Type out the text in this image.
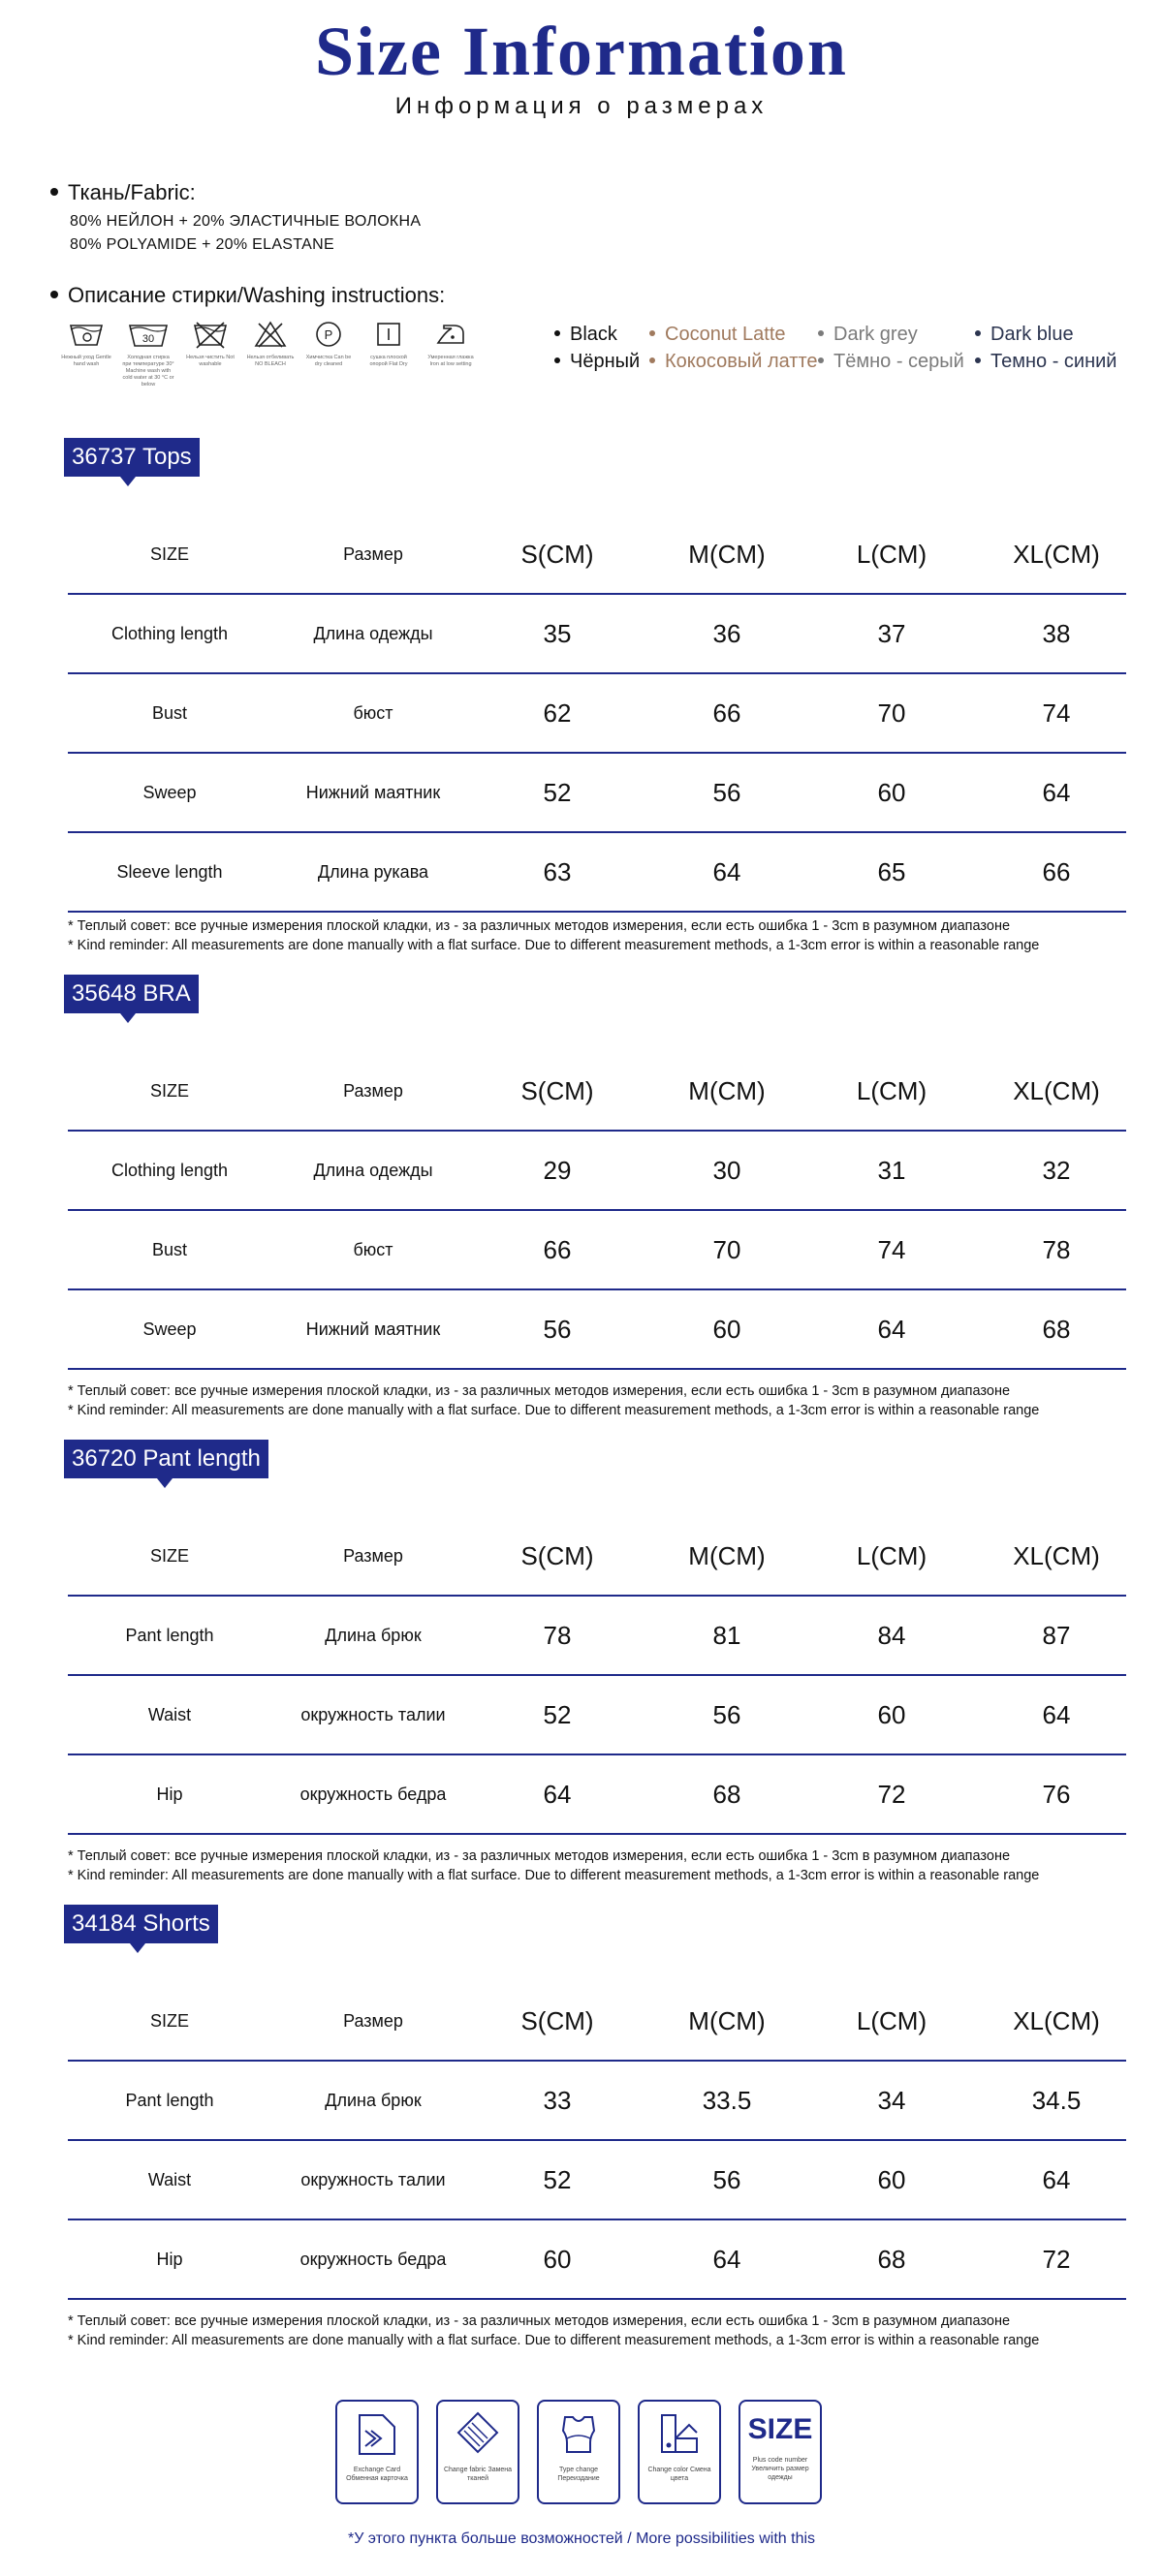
Size Information
Информация о размерах
Ткань/Fabric:
80% НЕЙЛОН + 20% ЭЛАСТИЧНЫЕ ВОЛОКНА
80% POLYAMIDE + 20% ELASTANE
Описание стирки/Washing instructions:
Нежный уход Gentle hand wash
30
Холодная стирка при температуре 30° Machine wash with cold water at 30 °C or below
Нельзя чистить Not washable
Нельзя отбеливать NO BLEACH
P
Химчистка Can be dry cleaned
сушка плоской опорой Flat Dry
Умеренная глажка Iron at low setting
Black
Чёрный
Coconut Latte
Кокосовый латте
Dark grey
Тёмно - серый
Dark blue
Темно - синий
36737 Tops
SIZE	Размер	S(CM)	M(CM)	L(CM)	XL(CM)
Clothing length	Длина одежды	35	36	37	38
Bust	бюст	62	66	70	74
Sweep	Нижний маятник	52	56	60	64
Sleeve length	Длина рукава	63	64	65	66
* Теплый совет: все ручные измерения плоской кладки, из - за различных методов измерения, если есть ошибка 1 - 3cm в разумном диапазоне
* Kind reminder: All measurements are done manually with a flat surface. Due to different measurement methods, a 1-3cm error is within a reasonable range
35648 BRA
SIZE	Размер	S(CM)	M(CM)	L(CM)	XL(CM)
Clothing length	Длина одежды	29	30	31	32
Bust	бюст	66	70	74	78
Sweep	Нижний маятник	56	60	64	68
* Теплый совет: все ручные измерения плоской кладки, из - за различных методов измерения, если есть ошибка 1 - 3cm в разумном диапазоне
* Kind reminder: All measurements are done manually with a flat surface. Due to different measurement methods, a 1-3cm error is within a reasonable range
36720 Pant length
SIZE	Размер	S(CM)	M(CM)	L(CM)	XL(CM)
Pant length	Длина брюк	78	81	84	87
Waist	окружность талии	52	56	60	64
Hip	окружность бедра	64	68	72	76
* Теплый совет: все ручные измерения плоской кладки, из - за различных методов измерения, если есть ошибка 1 - 3cm в разумном диапазоне
* Kind reminder: All measurements are done manually with a flat surface. Due to different measurement methods, a 1-3cm error is within a reasonable range
34184 Shorts
SIZE	Размер	S(CM)	M(CM)	L(CM)	XL(CM)
Pant length	Длина брюк	33	33.5	34	34.5
Waist	окружность талии	52	56	60	64
Hip	окружность бедра	60	64	68	72
* Теплый совет: все ручные измерения плоской кладки, из - за различных методов измерения, если есть ошибка 1 - 3cm в разумном диапазоне
* Kind reminder: All measurements are done manually with a flat surface. Due to different measurement methods, a 1-3cm error is within a reasonable range
Exchange Card Обменная карточка
Change fabric Замена тканей
Type change Переиздание
Change color Смена цвета
SIZE
Plus code number Увеличить размер одежды
*У этого пункта больше возможностей / More possibilities with this
